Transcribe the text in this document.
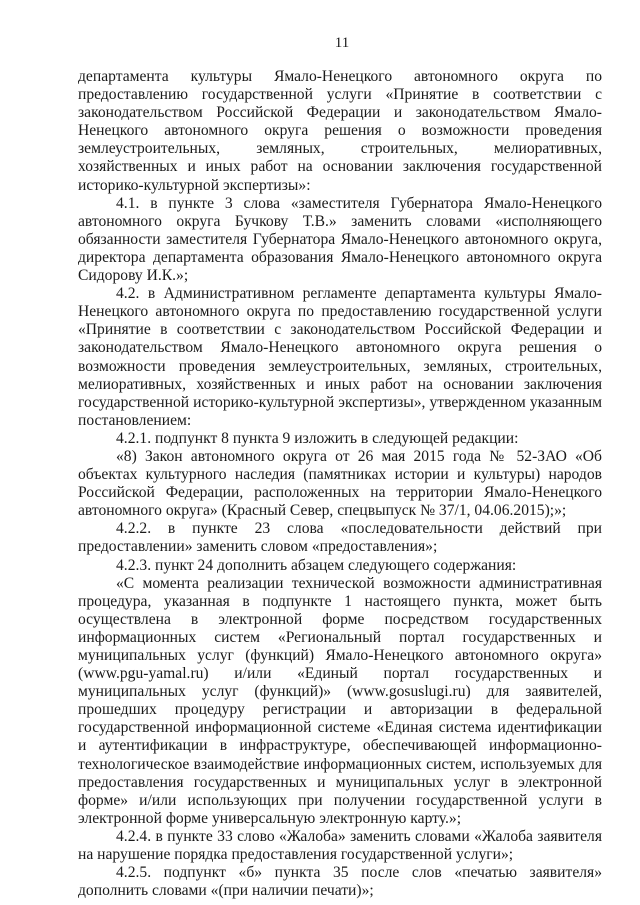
11

департамента культуры Ямало-Ненецкого автономного округа по предоставлению государственной услуги «Принятие в соответствии с законодательством Российской Федерации и законодательством Ямало-Ненецкого автономного округа решения о возможности проведения землеустроительных, земляных, строительных, мелиоративных, хозяйственных и иных работ на основании заключения государственной историко-культурной экспертизы»:

4.1. в пункте 3 слова «заместителя Губернатора Ямало-Ненецкого автономного округа Бучкову Т.В.» заменить словами «исполняющего обязанности заместителя Губернатора Ямало-Ненецкого автономного округа, директора департамента образования Ямало-Ненецкого автономного округа Сидорову И.К.»;

4.2. в Административном регламенте департамента культуры Ямало-Ненецкого автономного округа по предоставлению государственной услуги «Принятие в соответствии с законодательством Российской Федерации и законодательством Ямало-Ненецкого автономного округа решения о возможности проведения землеустроительных, земляных, строительных, мелиоративных, хозяйственных и иных работ на основании заключения государственной историко-культурной экспертизы», утвержденном указанным постановлением:

4.2.1. подпункт 8 пункта 9 изложить в следующей редакции:

«8) Закон автономного округа от 26 мая 2015 года № 52-ЗАО «Об объектах культурного наследия (памятниках истории и культуры) народов Российской Федерации, расположенных на территории Ямало-Ненецкого автономного округа» (Красный Север, спецвыпуск № 37/1, 04.06.2015);»;

4.2.2. в пункте 23 слова «последовательности действий при предоставлении» заменить словом «предоставления»;

4.2.3. пункт 24 дополнить абзацем следующего содержания:

«С момента реализации технической возможности административная процедура, указанная в подпункте 1 настоящего пункта, может быть осуществлена в электронной форме посредством государственных информационных систем «Региональный портал государственных и муниципальных услуг (функций) Ямало-Ненецкого автономного округа» (www.pgu-yamal.ru) и/или «Единый портал государственных и муниципальных услуг (функций)» (www.gosuslugi.ru) для заявителей, прошедших процедуру регистрации и авторизации в федеральной государственной информационной системе «Единая система идентификации и аутентификации в инфраструктуре, обеспечивающей информационно-технологическое взаимодействие информационных систем, используемых для предоставления государственных и муниципальных услуг в электронной форме» и/или использующих при получении государственной услуги в электронной форме универсальную электронную карту.»;

4.2.4. в пункте 33 слово «Жалоба» заменить словами «Жалоба заявителя на нарушение порядка предоставления государственной услуги»;

4.2.5. подпункт «б» пункта 35 после слов «печатью заявителя» дополнить словами «(при наличии печати)»;
